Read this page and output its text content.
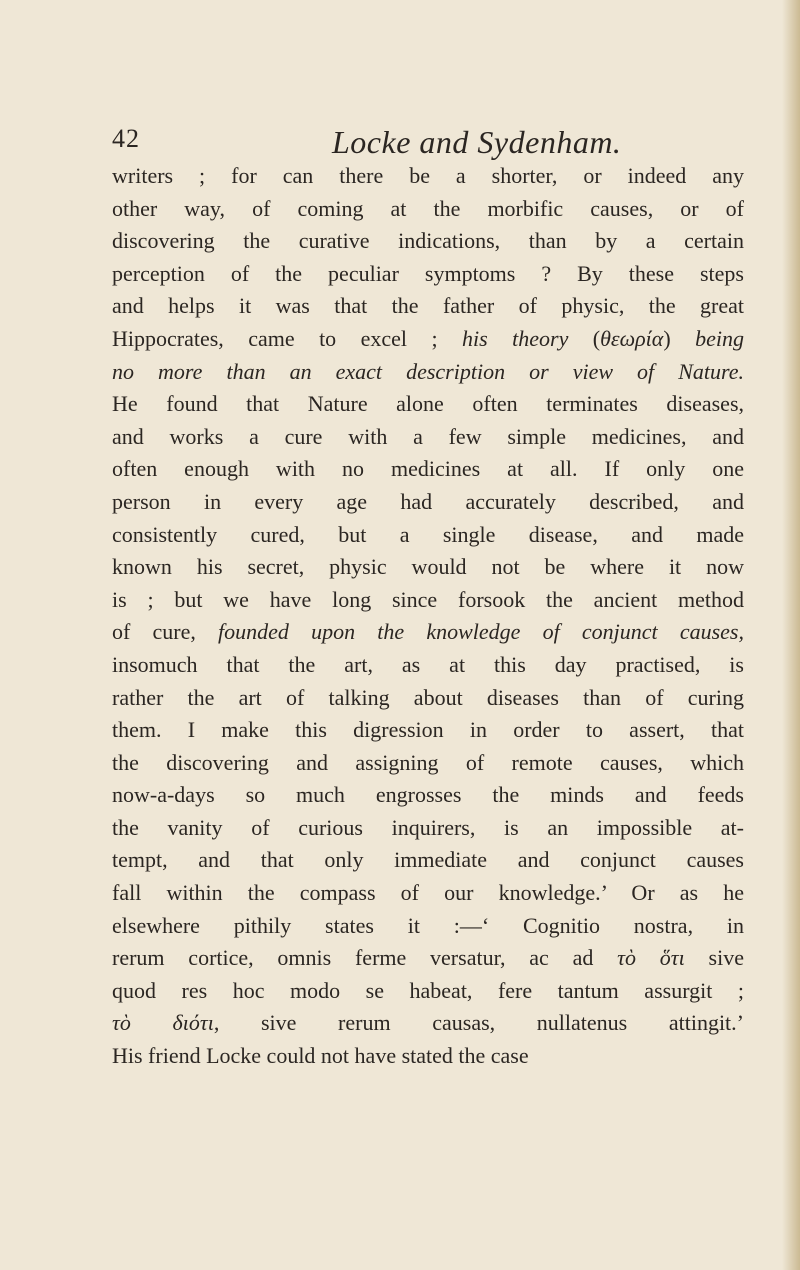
42	Locke and Sydenham.
writers ; for can there be a shorter, or indeed any
other way, of coming at the morbific causes, or of
discovering the curative indications, than by a certain
perception of the peculiar symptoms ? By these steps
and helps it was that the father of physic, the great
Hippocrates, came to excel ; his theory (θεωρία) being
no more than an exact description or view of Nature.
He found that Nature alone often terminates diseases,
and works a cure with a few simple medicines, and
often enough with no medicines at all. If only one
person in every age had accurately described, and
consistently cured, but a single disease, and made
known his secret, physic would not be where it now
is ; but we have long since forsook the ancient method
of cure, founded upon the knowledge of conjunct causes,
insomuch that the art, as at this day practised, is
rather the art of talking about diseases than of curing
them. I make this digression in order to assert, that
the discovering and assigning of remote causes, which
now-a-days so much engrosses the minds and feeds
the vanity of curious inquirers, is an impossible at-
tempt, and that only immediate and conjunct causes
fall within the compass of our knowledge.’ Or as he
elsewhere pithily states it :—‘ Cognitio nostra, in
rerum cortice, omnis ferme versatur, ac ad τὸ ὅτι sive
quod res hoc modo se habeat, fere tantum assurgit ;
τὸ διότι, sive rerum causas, nullatenus attingit.’
His friend Locke could not have stated the case
